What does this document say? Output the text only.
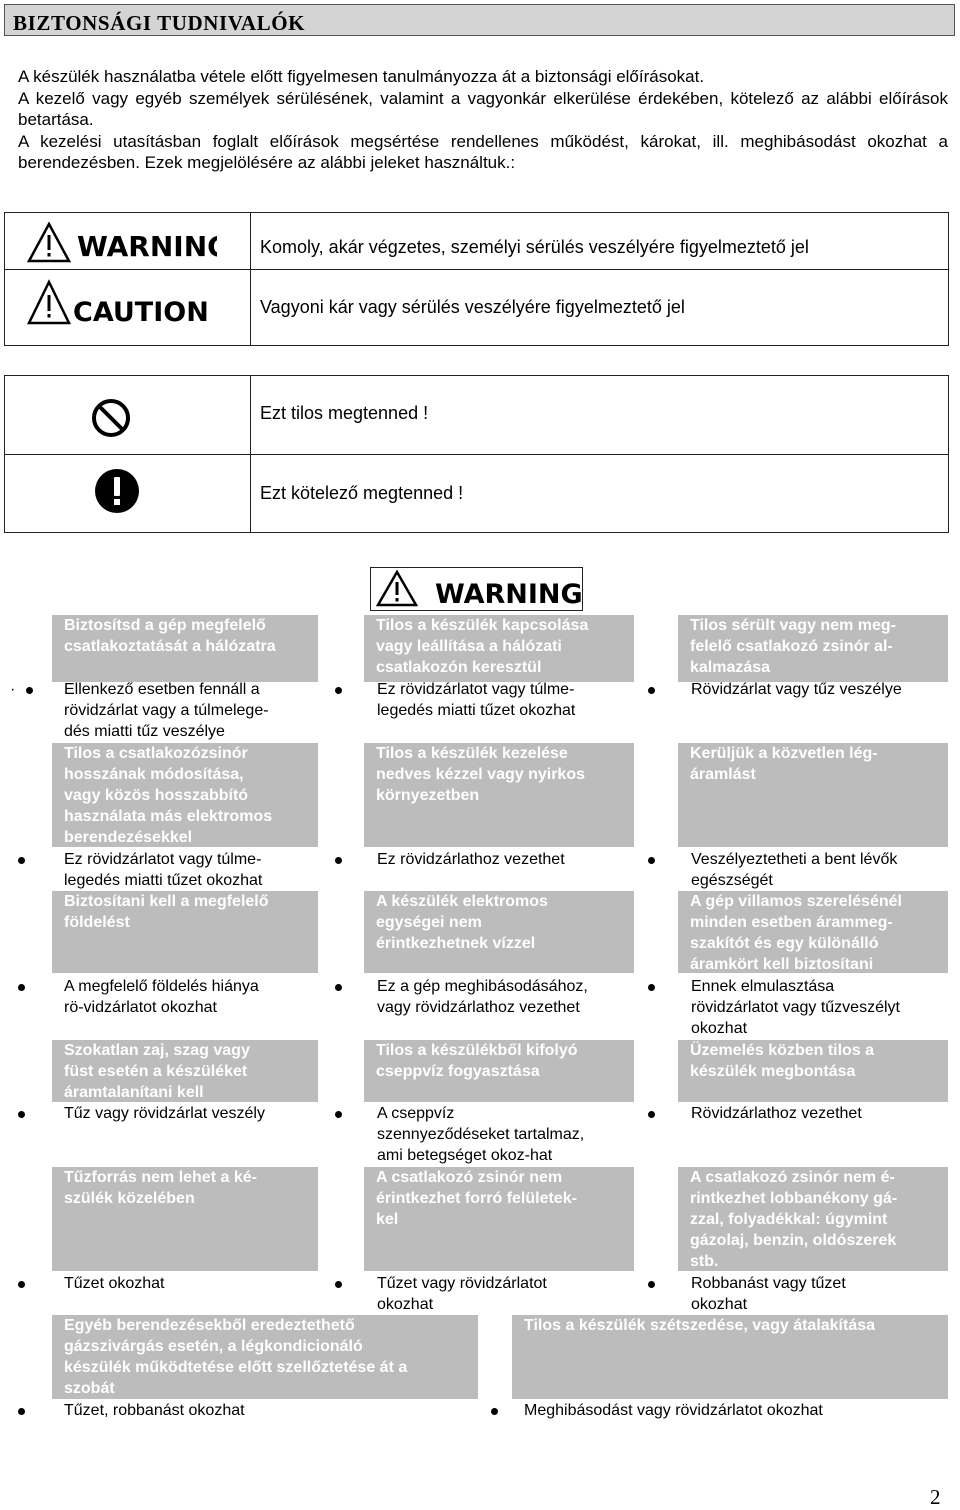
BIZTONSÁGI TUDNIVALÓK

A készülék használatba vétele előtt figyelmesen tanulmányozza át a biztonsági előírásokat.

A kezelő vagy egyéb személyek sérülésének, valamint a vagyonkár elkerülése érdekében, kötelező az alábbi előírások betartása.

A kezelési utasításban foglalt előírások megsértése rendellenes működést, károkat, ill. meghibásodást okozhat a berendezésben. Ezek megjelölésére az alábbi jeleket használtuk.:

WARNING Komoly, akár végzetes, személyi sérülés veszélyére figyelmeztető jel
CAUTION	Vagyoni kár vagy sérülés veszélyére figyelmeztető jel
Ezt tilos megtenned !
Ezt kötelező megtenned !
WARNING
Biztosítsd a gép megfelelő
csatlakoztatását a hálózatra
Tilos a készülék kapcsolása
vagy leállítása a hálózati
csatlakozón keresztül
Tilos sérült vagy nem meg-
felelő csatlakozó zsinór al-
kalmazása
·	Ellenkező esetben fennáll a
rövidzárlat vagy a túlmelege-
dés miatti tűz veszélye
Ez rövidzárlatot vagy túlme-
legedés miatti tűzet okozhat
Rövidzárlat vagy tűz veszélye
Tilos a csatlakozózsinór
hosszának módosítása,
vagy közös hosszabbító
használata más elektromos
berendezésekkel
Tilos a készülék kezelése
nedves kézzel vagy nyirkos
környezetben
Kerüljük a közvetlen lég-
áramlást
Ez rövidzárlatot vagy túlme-
legedés miatti tűzet okozhat
Ez rövidzárlathoz vezethet	Veszélyeztetheti a bent lévők
egészségét
Biztosítani kell a megfelelő
földelést
A készülék elektromos
egységei nem
érintkezhetnek vízzel
A gép villamos szerelésénél
minden esetben árammeg-
szakítót és egy különálló
áramkört kell biztosítani
A megfelelő földelés hiánya
rö-vidzárlatot okozhat
Ez a gép meghibásodásához,
vagy rövidzárlathoz vezethet
Ennek elmulasztása
rövidzárlatot vagy tűzveszélyt
okozhat
Szokatlan zaj, szag vagy
füst esetén a készüléket
áramtalanítani kell
Tilos a készülékből kifolyó
cseppvíz fogyasztása
Üzemelés közben tilos a
készülék megbontása
Tűz vagy rövidzárlat veszély	A cseppvíz
szennyeződéseket tartalmaz,
ami betegséget okoz-hat
Rövidzárlathoz vezethet
Tűzforrás nem lehet a ké-
szülék közelében
A csatlakozó zsinór nem
érintkezhet forró felületek-
kel
A csatlakozó zsinór nem é-
rintkezhet lobbanékony gá-
zzal, folyadékkal: úgymint
gázolaj, benzin, oldószerek
stb.
Tűzet okozhat	Tűzet vagy rövidzárlatot
okozhat
Robbanást vagy tűzet
okozhat
Egyéb berendezésekből eredeztethető
gázszivárgás esetén, a légkondicionáló
készülék működtetése előtt szellőztetése át a
szobát
Tilos a készülék szétszedése, vagy átalakítása
Tűzet, robbanást okozhat	Meghibásodást vagy rövidzárlatot okozhat
2
